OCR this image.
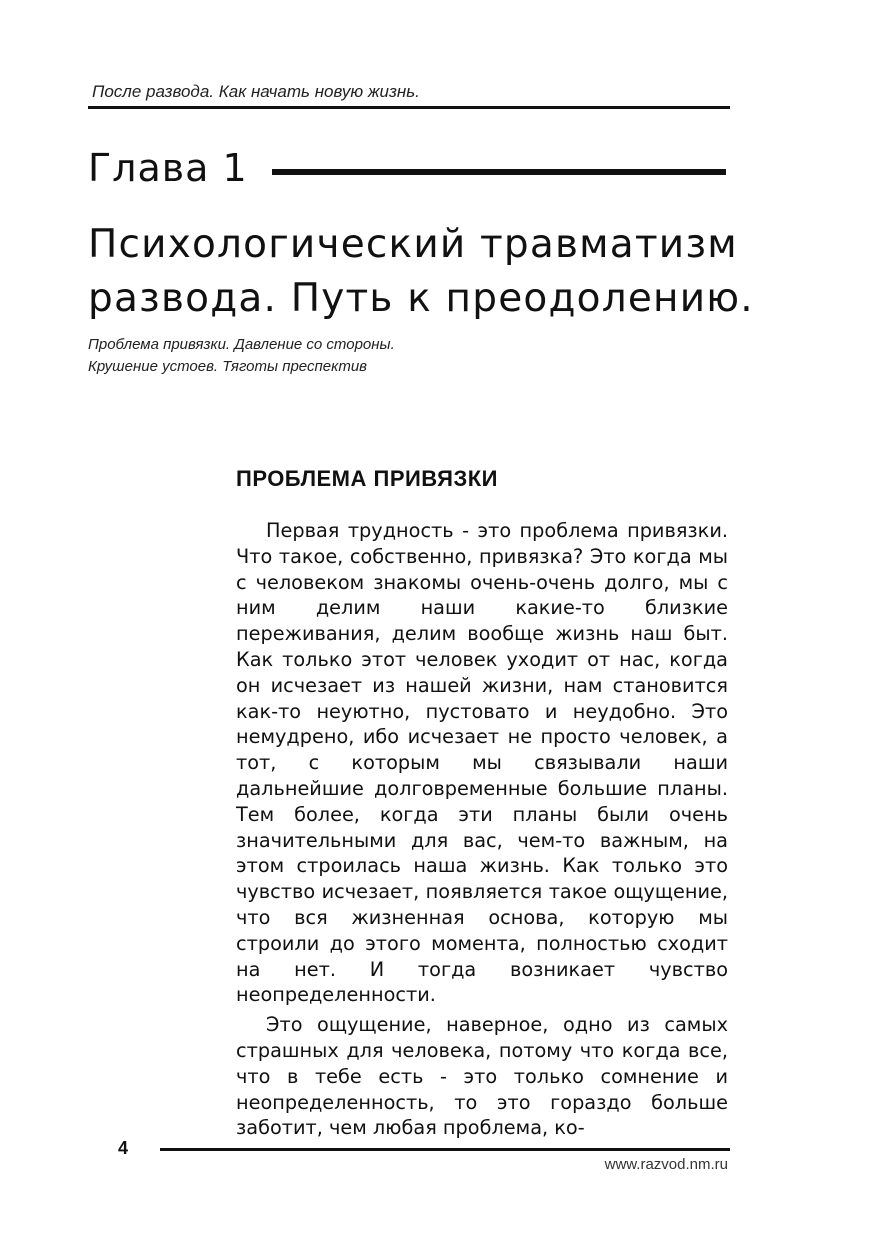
После развода. Как начать новую жизнь.
Глава 1
Психологический травматизм
развода. Путь к преодолению.
Проблема привязки. Давление со стороны.
Крушение устоев. Тяготы преспектив
ПРОБЛЕМА ПРИВЯЗКИ

Первая трудность - это проблема привязки. Что такое, собственно, привязка? Это когда мы с человеком знакомы очень-очень долго, мы с ним делим наши какие-то близкие переживания, делим вообще жизнь наш быт. Как только этот человек уходит от нас, когда он исчезает из нашей жизни, нам становится как-то неуютно, пустовато и неудобно. Это немудрено, ибо исчезает не просто человек, а тот, с которым мы связывали наши дальнейшие долговременные большие планы. Тем более, когда эти планы были очень значительными для вас, чем-то важным, на этом строилась наша жизнь. Как только это чувство исчезает, появляется такое ощущение, что вся жизненная основа, которую мы строили до этого момента, полностью сходит на нет. И тогда возникает чувство неопределенности.

Это ощущение, наверное, одно из самых страшных для человека, потому что когда все, что в тебе есть - это только сомнение и неопределенность, то это гораздо больше заботит, чем любая проблема, ко-

4
www.razvod.nm.ru
